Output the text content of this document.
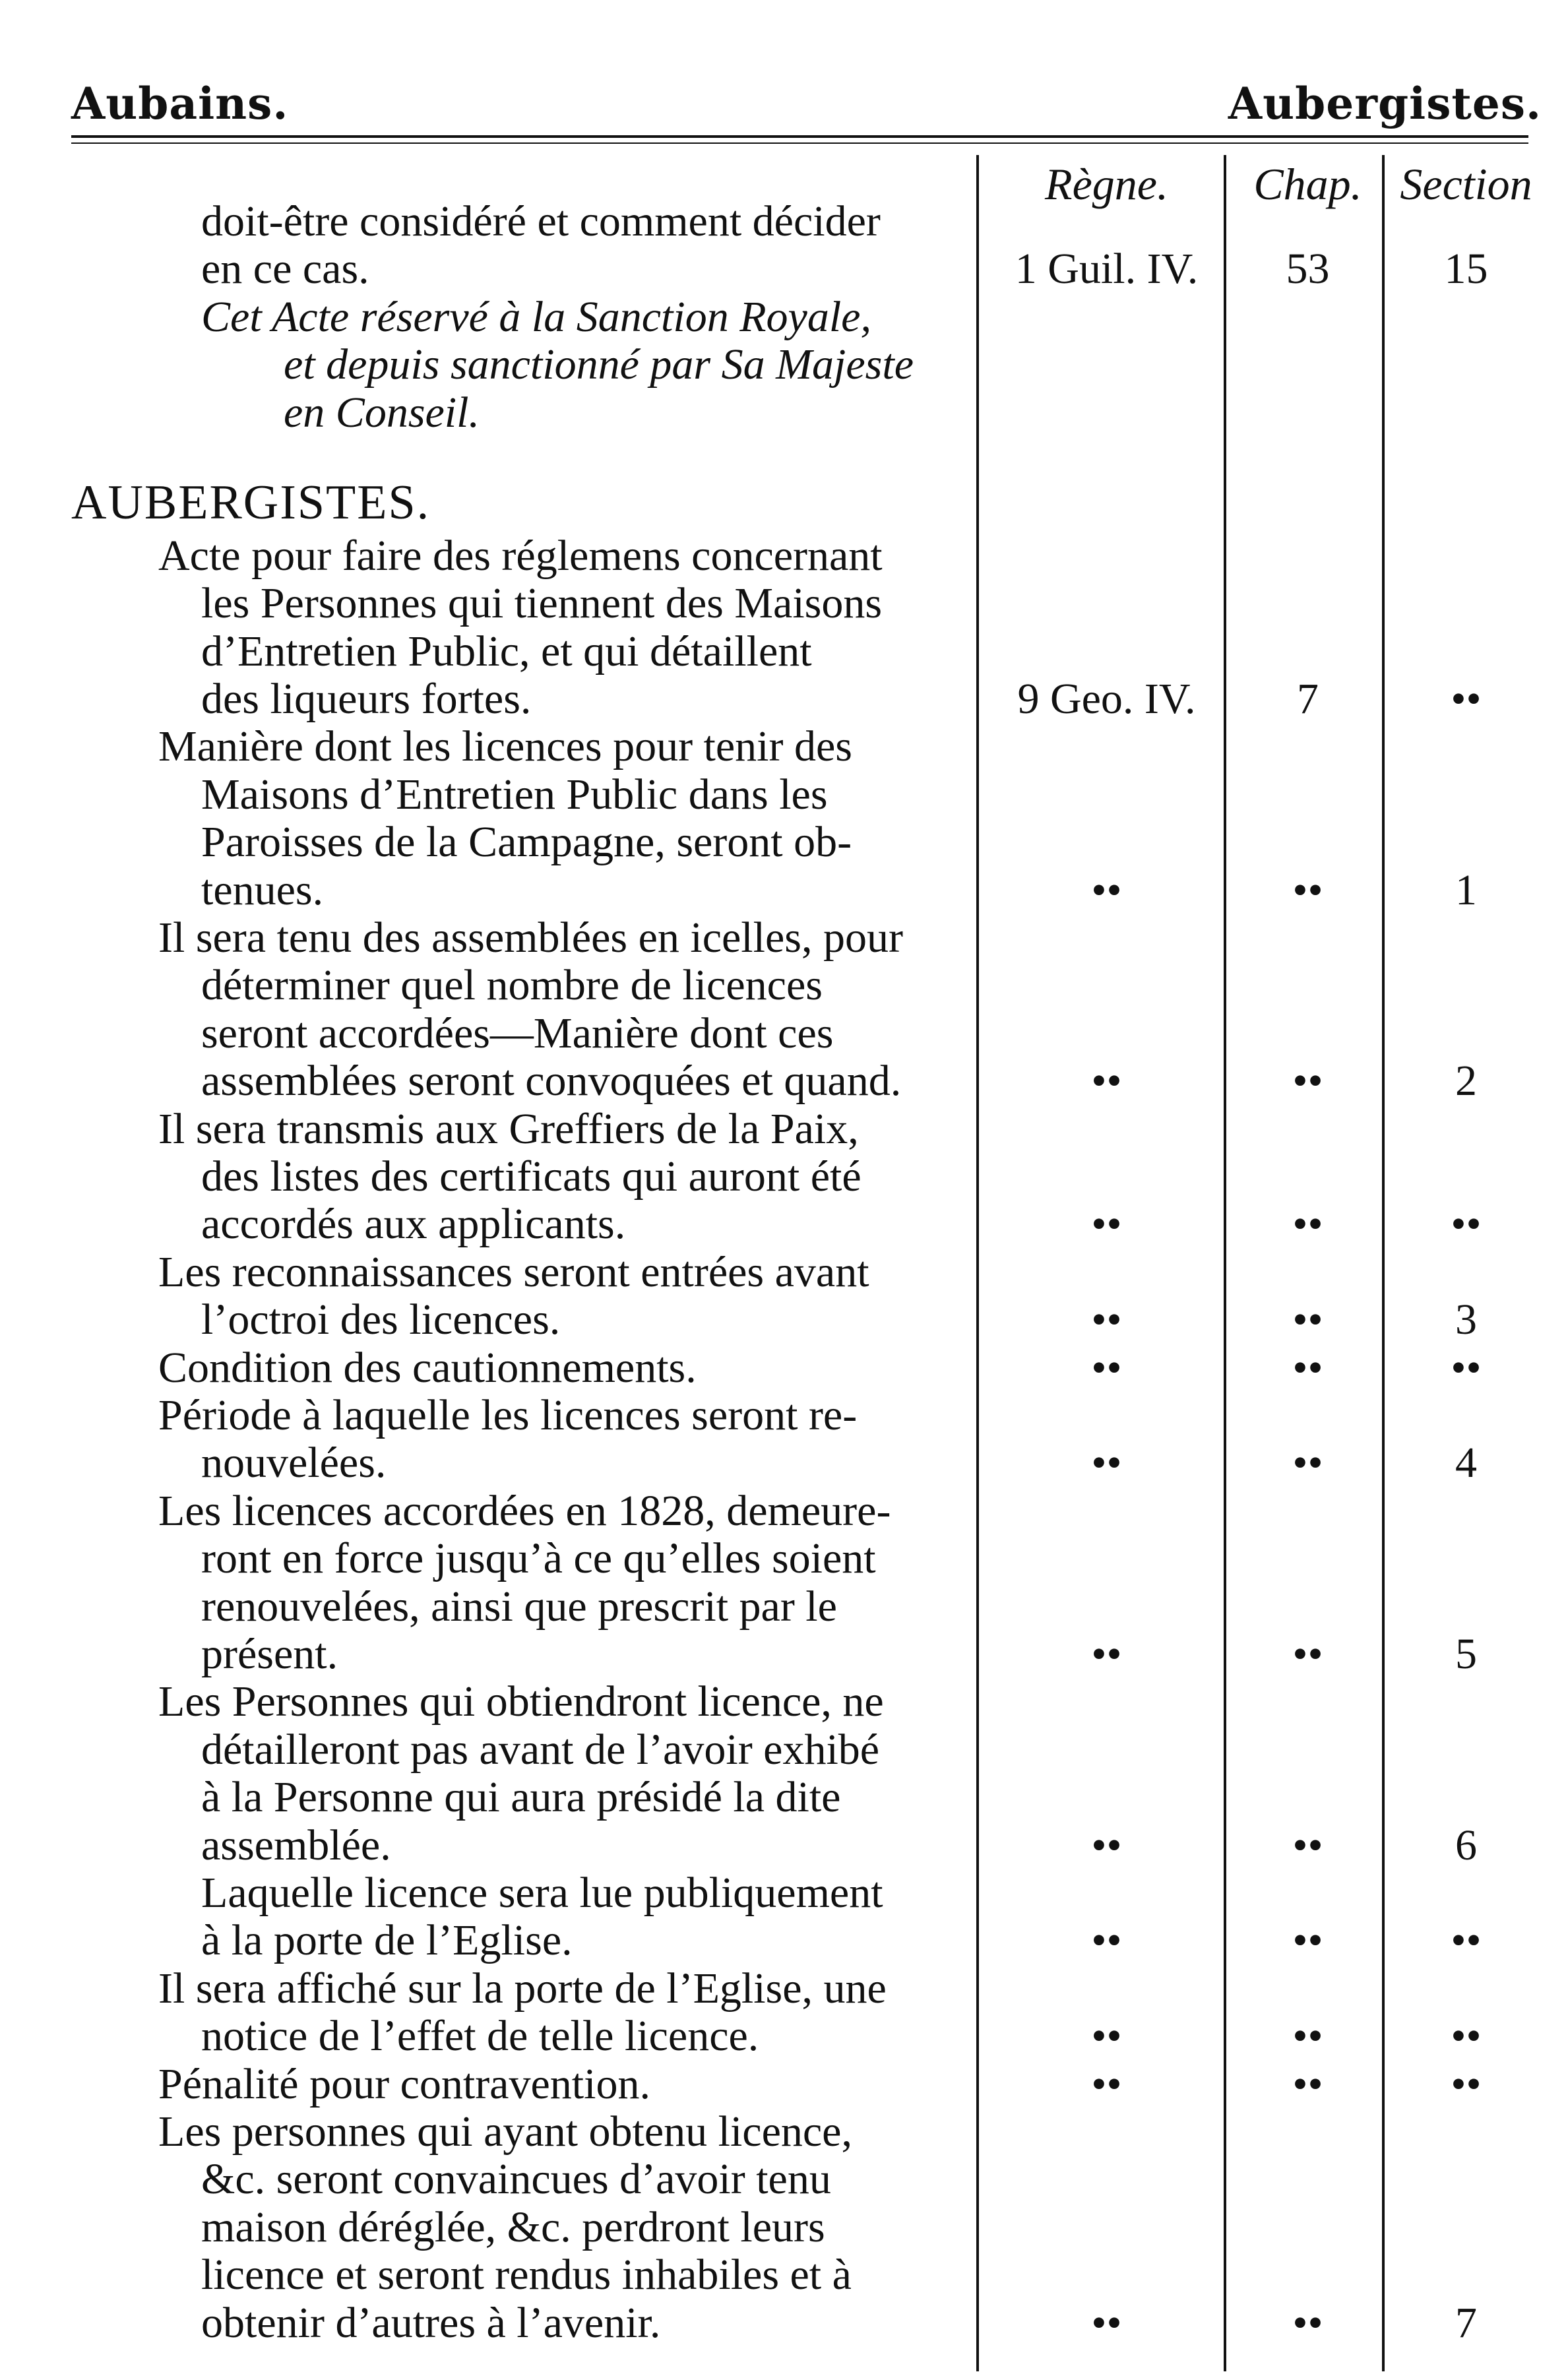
Aubains.	Aubergistes.
Règne.	Chap. Section
AUBERGISTES.
doit-être considéré et comment décider
en ce cas.	1 Guil. IV.	53	15
Cet Acte réservé à la Sanction Royale,
et depuis sanctionné par Sa Majeste
en Conseil.
Acte pour faire des réglemens concernant
les Personnes qui tiennent des Maisons
d’Entretien Public, et qui détaillent
des liqueurs fortes.	9 Geo. IV.	7	••
Manière dont les licences pour tenir des
Maisons d’Entretien Public dans les
Paroisses de la Campagne, seront ob-
tenues.	••	••	1
Il sera tenu des assemblées en icelles, pour
déterminer quel nombre de licences
seront accordées—Manière dont ces
assemblées seront convoquées et quand.	••	••	2
Il sera transmis aux Greffiers de la Paix,
des listes des certificats qui auront été
accordés aux applicants.	••	••	••
Les reconnaissances seront entrées avant
l’octroi des licences.	••	••	3
Condition des cautionnements.	••	••	••
Période à laquelle les licences seront re-
nouvelées.	••	••	4
Les licences accordées en 1828, demeure-
ront en force jusqu’à ce qu’elles soient
renouvelées, ainsi que prescrit par le
présent.	••	••	5
Les Personnes qui obtiendront licence, ne
détailleront pas avant de l’avoir exhibé
à la Personne qui aura présidé la dite
assemblée.	••	••	6
Laquelle licence sera lue publiquement
à la porte de l’Eglise.	••	••	••
Il sera affiché sur la porte de l’Eglise, une
notice de l’effet de telle licence.	••	••	••
Pénalité pour contravention.	••	••	••
Les personnes qui ayant obtenu licence,
&c. seront convaincues d’avoir tenu
maison déréglée, &c. perdront leurs
licence et seront rendus inhabiles et à
obtenir d’autres à l’avenir.	••	••	7
